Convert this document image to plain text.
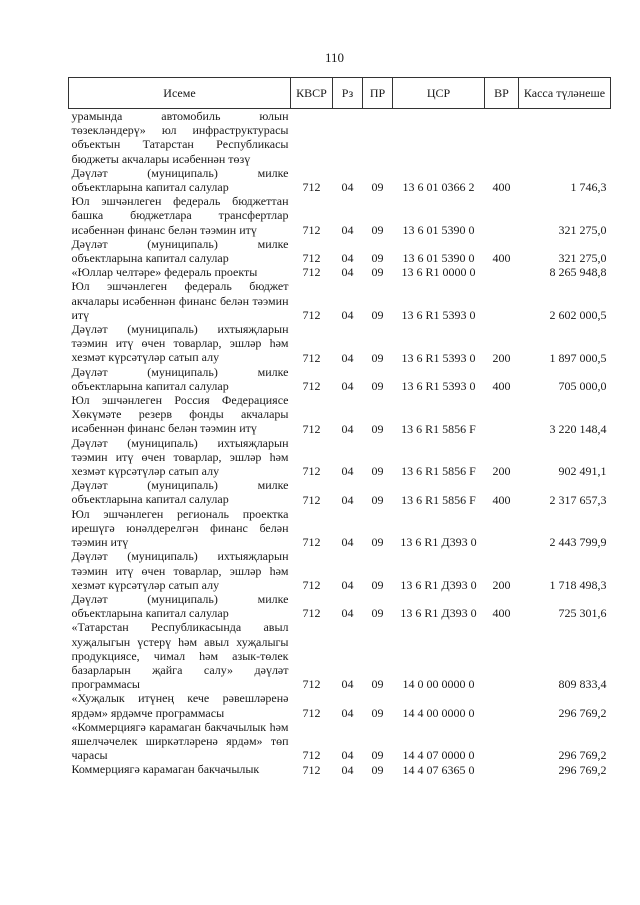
110
Исеме	КВСР	Рз	ПР	ЦСР	ВР	Касса түләнеше
урамында автомобиль юлын төзекләндерү» юл инфраструктурасы объектын Татарстан Республикасы бюджеты акчалары исәбеннән төзү						
Дәүләт (муниципаль) милке объектларына капитал салулар	712	04	09	13 6 01 0366 2	400	1 746,3
Юл эшчәнлеген федераль бюджеттан башка бюджетлара трансфертлар исәбеннән финанс белән тәэмин итү	712	04	09	13 6 01 5390 0		321 275,0
Дәүләт (муниципаль) милке объектларына капитал салулар	712	04	09	13 6 01 5390 0	400	321 275,0
«Юллар челтәре» федераль проекты	712	04	09	13 6 R1 0000 0		8 265 948,8
Юл эшчәнлеген федераль бюджет акчалары исәбеннән финанс белән тәэмин итү	712	04	09	13 6 R1 5393 0		2 602 000,5
Дәүләт (муниципаль) ихтыяҗларын тәэмин итү өчен товарлар, эшләр һәм хезмәт күрсәтүләр сатып алу	712	04	09	13 6 R1 5393 0	200	1 897 000,5
Дәүләт (муниципаль) милке объектларына капитал салулар	712	04	09	13 6 R1 5393 0	400	705 000,0
Юл эшчәнлеген Россия Федерациясе Хөкүмәте резерв фонды акчалары исәбеннән финанс белән тәэмин итү	712	04	09	13 6 R1 5856 F		3 220 148,4
Дәүләт (муниципаль) ихтыяҗларын тәэмин итү өчен товарлар, эшләр һәм хезмәт күрсәтүләр сатып алу	712	04	09	13 6 R1 5856 F	200	902 491,1
Дәүләт (муниципаль) милке объектларына капитал салулар	712	04	09	13 6 R1 5856 F	400	2 317 657,3
Юл эшчәнлеген региональ проектка ирешүгә юнәлдерелгән финанс белән тәэмин итү	712	04	09	13 6 R1 Д393 0		2 443 799,9
Дәүләт (муниципаль) ихтыяҗларын тәэмин итү өчен товарлар, эшләр һәм хезмәт күрсәтүләр сатып алу	712	04	09	13 6 R1 Д393 0	200	1 718 498,3
Дәүләт (муниципаль) милке объектларына капитал салулар	712	04	09	13 6 R1 Д393 0	400	725 301,6
«Татарстан Республикасында авыл хуҗалыгын үстерү һәм авыл хуҗалыгы продукциясе, чимал һәм азык-төлек базарларын җайга салу» дәүләт программасы	712	04	09	14 0 00 0000 0		809 833,4
«Хуҗалык итүнең кече рәвешләренә ярдәм» ярдәмче программасы	712	04	09	14 4 00 0000 0		296 769,2
«Коммерциягә карамаган бакчачылык һәм яшелчәчелек ширкәтләренә ярдәм» төп чарасы	712	04	09	14 4 07 0000 0		296 769,2
Коммерциягә карамаган бакчачылык	712	04	09	14 4 07 6365 0		296 769,2
